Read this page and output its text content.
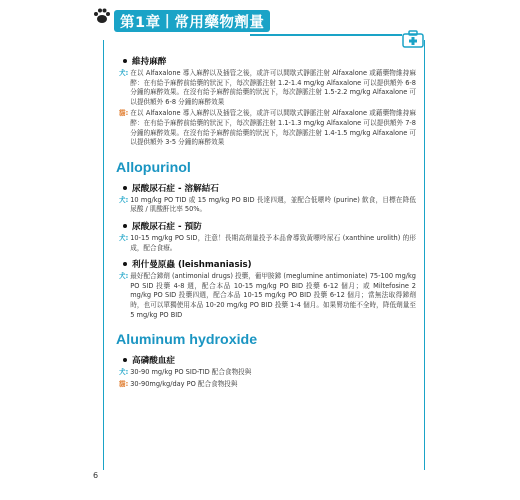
第1章 | 常用藥物劑量
維持麻醉
犬: 在以 Alfaxalone 導入麻醉以及插管之後，或許可以間歇式靜脈注射 Alfaxalone 或藉藥物維持麻醉：在有給予麻醉前給藥的狀況下，每次靜脈注射 1.2-1.4 mg/kg Alfaxalone 可以提供額外 6-8 分鐘的麻醉效果。在沒有給予麻醉前給藥的狀況下，每次靜脈注射 1.5-2.2 mg/kg Alfaxalone 可以提供額外 6-8 分鐘的麻醉效果
貓: 在以 Alfaxalone 導入麻醉以及插管之後，或許可以間歇式靜脈注射 Alfaxalone 或藉藥物維持麻醉：在有給予麻醉前給藥的狀況下，每次靜脈注射 1.1-1.3 mg/kg Alfaxalone 可以提供額外 7-8 分鐘的麻醉效果。在沒有給予麻醉前給藥的狀況下，每次靜脈注射 1.4-1.5 mg/kg Alfaxalone 可以提供額外 3-5 分鐘的麻醉效果
Allopurinol
尿酸尿石症 - 溶解結石
犬: 10 mg/kg PO TID 或 15 mg/kg PO BID 長達四週，並配合低嘌呤 (purine) 飲食，目標在降低尿酸 / 肌酸酐比率 50%。
尿酸尿石症 - 預防
犬: 10-15 mg/kg PO SID，注意！長期高劑量投予本品會導致黃嘌呤尿石 (xanthine urolith) 的形成，配合食療。
利什曼原蟲 (leishmaniasis)
犬: 最好配合銻劑 (antimonial drugs) 投藥，葡甲胺銻 (meglumine antimoniate) 75-100 mg/kg PO SID 投藥 4-8 週，配合本品 10-15 mg/kg PO BID 投藥 6-12 個月；或 Miltefosine 2 mg/kg PO SID 投藥四週，配合本品 10-15 mg/kg PO BID 投藥 6-12 個月；當無法取得銻劑時，也可以單獨使用本品 10-20 mg/kg PO BID 投藥 1-4 個月。如果腎功能不全時，降低劑量至 5 mg/kg PO BID
Aluminum hydroxide
高磷酸血症
犬: 30-90 mg/kg PO SID-TID 配合食物投與
貓: 30-90mg/kg/day PO 配合食物投與
6
